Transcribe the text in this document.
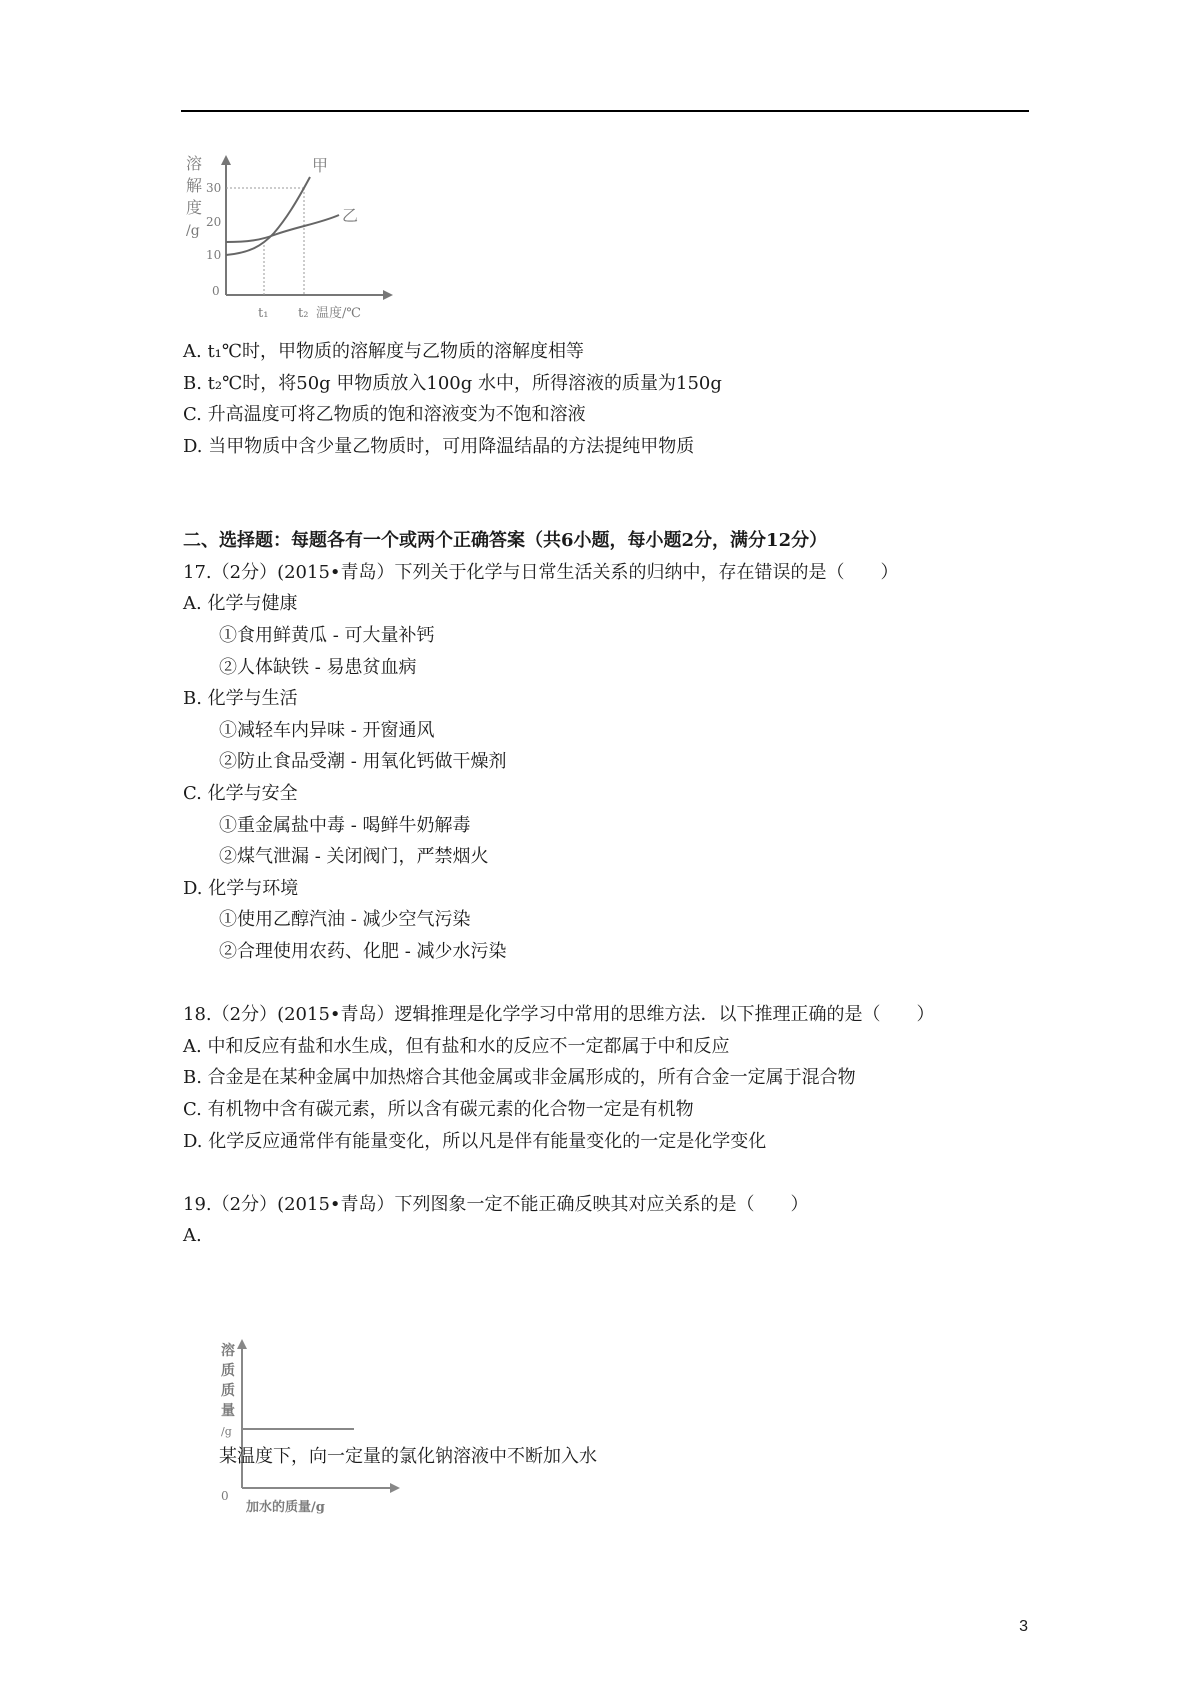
溶
解
度
/g
30
20
10
0
甲
乙
t₁ t₂ 温度/℃
A. t₁℃时，甲物质的溶解度与乙物质的溶解度相等
B. t₂℃时，将50g 甲物质放入100g 水中，所得溶液的质量为150g
C. 升高温度可将乙物质的饱和溶液变为不饱和溶液
D. 当甲物质中含少量乙物质时，可用降温结晶的方法提纯甲物质
二、选择题：每题各有一个或两个正确答案（共6小题，每小题2分，满分12分）
17.（2分）(2015•青岛）下列关于化学与日常生活关系的归纳中，存在错误的是（　　）
A. 化学与健康
①食用鲜黄瓜 - 可大量补钙
②人体缺铁 - 易患贫血病
B. 化学与生活
①减轻车内异味 - 开窗通风
②防止食品受潮 - 用氧化钙做干燥剂
C. 化学与安全
①重金属盐中毒 - 喝鲜牛奶解毒
②煤气泄漏 - 关闭阀门，严禁烟火
D. 化学与环境
①使用乙醇汽油 - 减少空气污染
②合理使用农药、化肥 - 减少水污染
18.（2分）(2015•青岛）逻辑推理是化学学习中常用的思维方法．以下推理正确的是（　　）
A. 中和反应有盐和水生成，但有盐和水的反应不一定都属于中和反应
B. 合金是在某种金属中加热熔合其他金属或非金属形成的，所有合金一定属于混合物
C. 有机物中含有碳元素，所以含有碳元素的化合物一定是有机物
D. 化学反应通常伴有能量变化，所以凡是伴有能量变化的一定是化学变化
19.（2分）(2015•青岛）下列图象一定不能正确反映其对应关系的是（　　）
A.
溶
质
质
量
/g
0
加水的质量/g
某温度下，向一定量的氯化钠溶液中不断加入水
3
